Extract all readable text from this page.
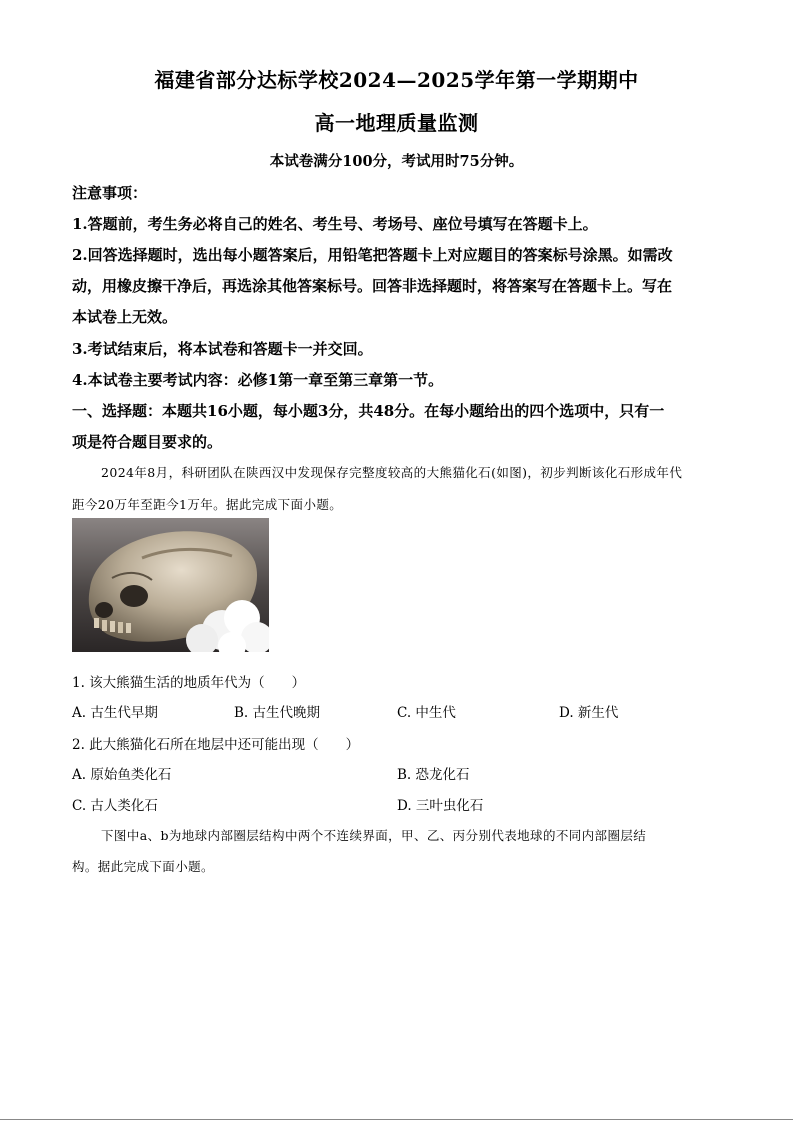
福建省部分达标学校2024—2025学年第一学期期中
高一地理质量监测
本试卷满分100分，考试用时75分钟。
注意事项：
1.答题前，考生务必将自己的姓名、考生号、考场号、座位号填写在答题卡上。
2.回答选择题时，选出每小题答案后，用铅笔把答题卡上对应题目的答案标号涂黑。如需改
动，用橡皮擦干净后，再选涂其他答案标号。回答非选择题时，将答案写在答题卡上。写在
本试卷上无效。
3.考试结束后，将本试卷和答题卡一并交回。
4.本试卷主要考试内容：必修1第一章至第三章第一节。
一、选择题：本题共16小题，每小题3分，共48分。在每小题给出的四个选项中，只有一
项是符合题目要求的。
2024年8月，科研团队在陕西汉中发现保存完整度较高的大熊猫化石(如图)，初步判断该化石形成年代
距今20万年至距今1万年。据此完成下面小题。
1. 该大熊猫生活的地质年代为（　　）
A. 古生代早期	B. 古生代晚期	C. 中生代	D. 新生代
2. 此大熊猫化石所在地层中还可能出现（　　）
A. 原始鱼类化石	B. 恐龙化石
C. 古人类化石	D. 三叶虫化石
下图中a、b为地球内部圈层结构中两个不连续界面，甲、乙、丙分别代表地球的不同内部圈层结
构。据此完成下面小题。
